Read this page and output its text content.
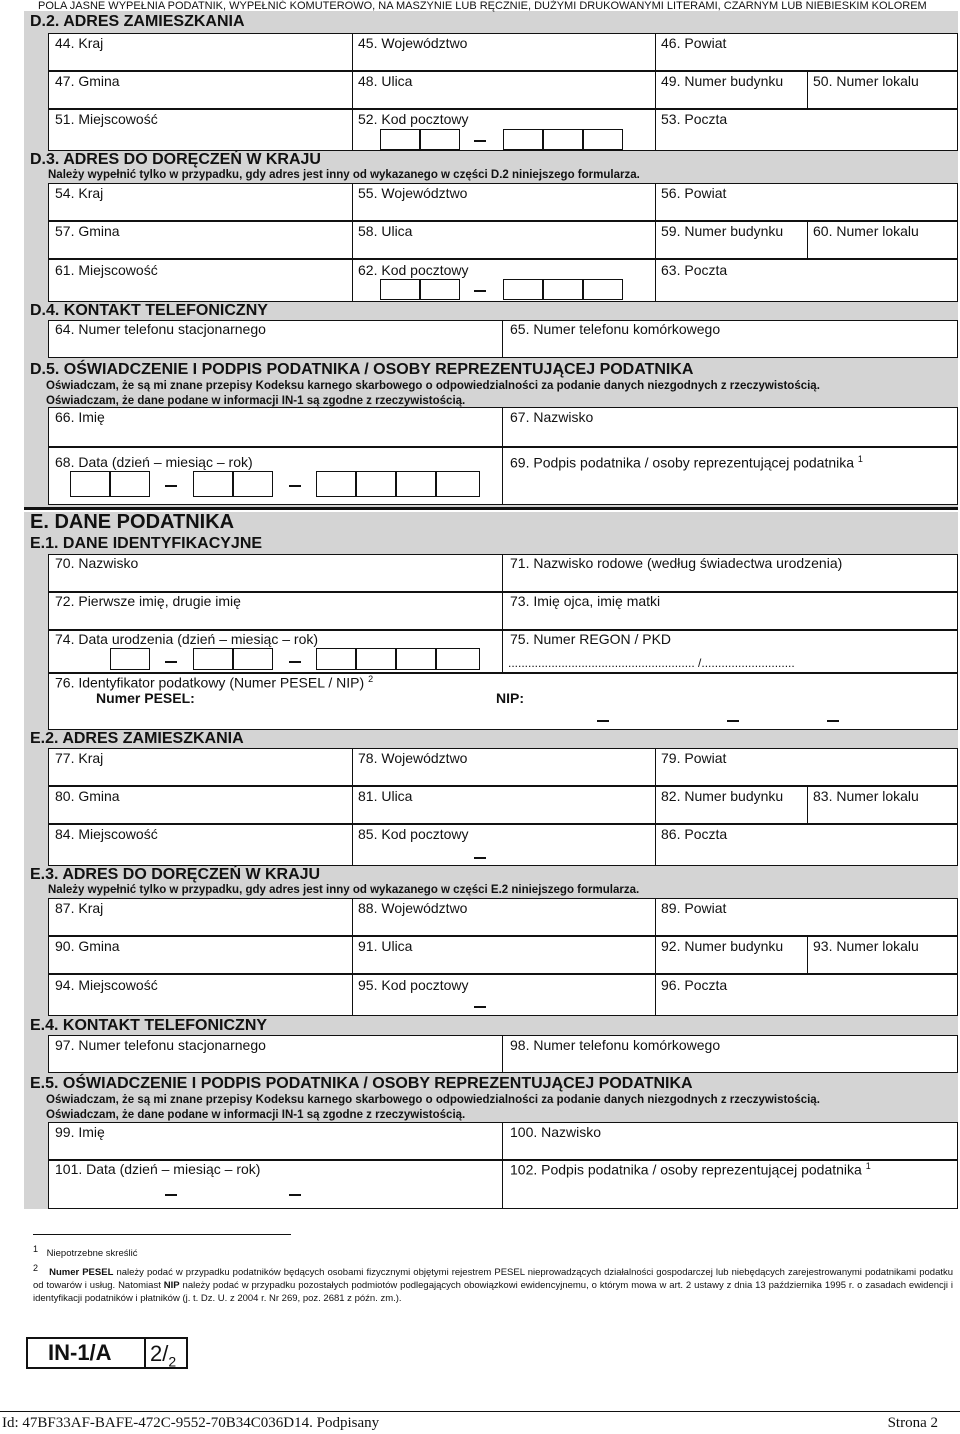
POLA JASNE WYPEŁNIA PODATNIK, WYPEŁNIĆ KOMUTEROWO, NA MASZYNIE LUB RĘCZNIE, DUŻYMI DRUKOWANYMI LITERAMI, CZARNYM LUB NIEBIESKIM KOLOREM
D.2. ADRES ZAMIESZKANIA
44. Kraj	45. Województwo	46. Powiat
47. Gmina	48. Ulica	49. Numer budynku 50. Numer lokalu
51. Miejscowość	52. Kod pocztowy	53. Poczta
D.3. ADRES DO DORĘCZEŃ W KRAJU
Należy wypełnić tylko w przypadku, gdy adres jest inny od wykazanego w części D.2 niniejszego formularza.
54. Kraj	55. Województwo	56. Powiat
57. Gmina	58. Ulica	59. Numer budynku 60. Numer lokalu
61. Miejscowość	62. Kod pocztowy	63. Poczta
D.4. KONTAKT TELEFONICZNY
64. Numer telefonu stacjonarnego	65. Numer telefonu komórkowego
D.5. OŚWIADCZENIE I PODPIS PODATNIKA / OSOBY REPREZENTUJĄCEJ PODATNIKA
Oświadczam, że są mi znane przepisy Kodeksu karnego skarbowego o odpowiedzialności za podanie danych niezgodnych z rzeczywistością.
Oświadczam, że dane podane w informacji IN-1 są zgodne z rzeczywistością.
66. Imię	67. Nazwisko
68. Data (dzień – miesiąc – rok)	69. Podpis podatnika / osoby reprezentującej podatnika $^1$
E. DANE PODATNIKA
E.1. DANE IDENTYFIKACYJNE
70. Nazwisko	71. Nazwisko rodowe (według świadectwa urodzenia)
72. Pierwsze imię, drugie imię	73. Imię ojca, imię matki
74. Data urodzenia (dzień – miesiąc – rok)	75. Numer REGON / PKD
........................................................ /............................
76. Identyfikator podatkowy (Numer PESEL / NIP) $^2$
Numer PESEL:	NIP:
E.2. ADRES ZAMIESZKANIA
77. Kraj	78. Województwo	79. Powiat
80. Gmina	81. Ulica	82. Numer budynku 83. Numer lokalu
84. Miejscowość	85. Kod pocztowy	86. Poczta
E.3. ADRES DO DORĘCZEŃ W KRAJU
Należy wypełnić tylko w przypadku, gdy adres jest inny od wykazanego w części E.2 niniejszego formularza.
87. Kraj	88. Województwo	89. Powiat
90. Gmina	91. Ulica	92. Numer budynku 93. Numer lokalu
94. Miejscowość	95. Kod pocztowy	96. Poczta
E.4. KONTAKT TELEFONICZNY
97. Numer telefonu stacjonarnego	98. Numer telefonu komórkowego
E.5. OŚWIADCZENIE I PODPIS PODATNIKA / OSOBY REPREZENTUJĄCEJ PODATNIKA
Oświadczam, że są mi znane przepisy Kodeksu karnego skarbowego o odpowiedzialności za podanie danych niezgodnych z rzeczywistością.
Oświadczam, że dane podane w informacji IN-1 są zgodne z rzeczywistością.
99. Imię	100. Nazwisko
101. Data (dzień – miesiąc – rok)	102. Podpis podatnika / osoby reprezentującej podatnika $^1$
$^1$ Niepotrzebne skreślić
$^2$ Numer PESEL należy podać w przypadku podatników będących osobami fizycznymi objętymi rejestrem PESEL nieprowadzących działalności gospodarczej lub niebędących zarejestrowanymi podatnikami podatku od towarów i usług. Natomiast NIP należy podać w przypadku pozostałych podmiotów podlegających obowiązkowi ewidencyjnemu, o którym mowa w art. 2 ustawy z dnia 13 października 1995 r. o zasadach ewidencji i identyfikacji podatników i płatników (j. t. Dz. U. z 2004 r. Nr 269, poz. 2681 z późn. zm.).
IN-1/A $2/_2$
Id: 47BF33AF-BAFE-472C-9552-70B34C036D14. Podpisany	Strona 2
